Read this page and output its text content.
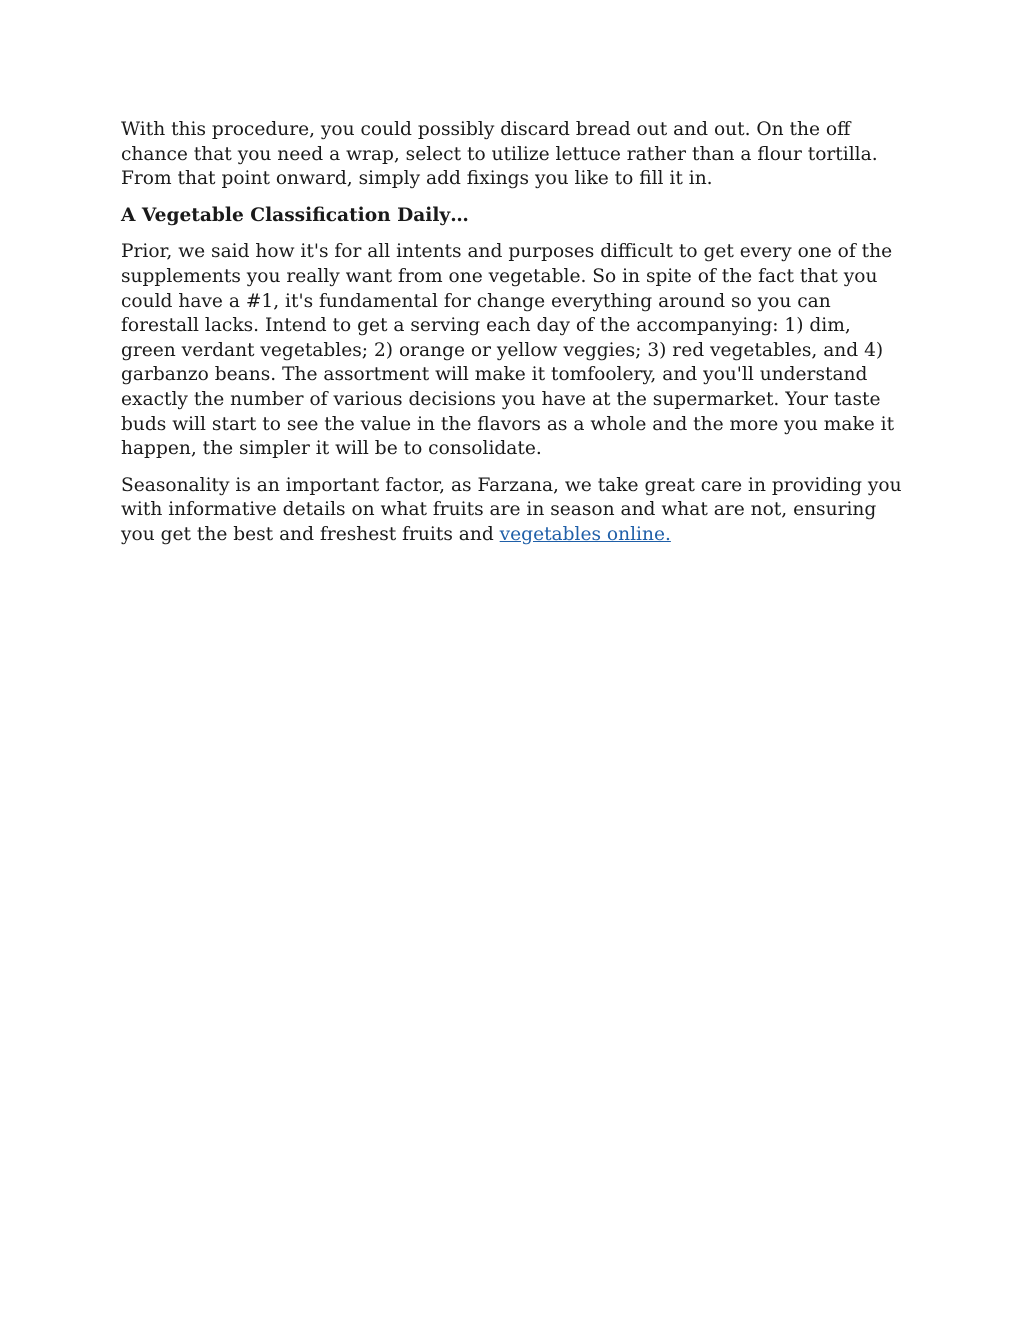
With this procedure, you could possibly discard bread out and out. On the off chance that you need a wrap, select to utilize lettuce rather than a flour tortilla. From that point onward, simply add fixings you like to fill it in.

A Vegetable Classification Daily…

Prior, we said how it's for all intents and purposes difficult to get every one of the supplements you really want from one vegetable. So in spite of the fact that you could have a #1, it's fundamental for change everything around so you can forestall lacks. Intend to get a serving each day of the accompanying: 1) dim, green verdant vegetables; 2) orange or yellow veggies; 3) red vegetables, and 4) garbanzo beans. The assortment will make it tomfoolery, and you'll understand exactly the number of various decisions you have at the supermarket. Your taste buds will start to see the value in the flavors as a whole and the more you make it happen, the simpler it will be to consolidate.

Seasonality is an important factor, as Farzana, we take great care in providing you with informative details on what fruits are in season and what are not, ensuring you get the best and freshest fruits and vegetables online.
